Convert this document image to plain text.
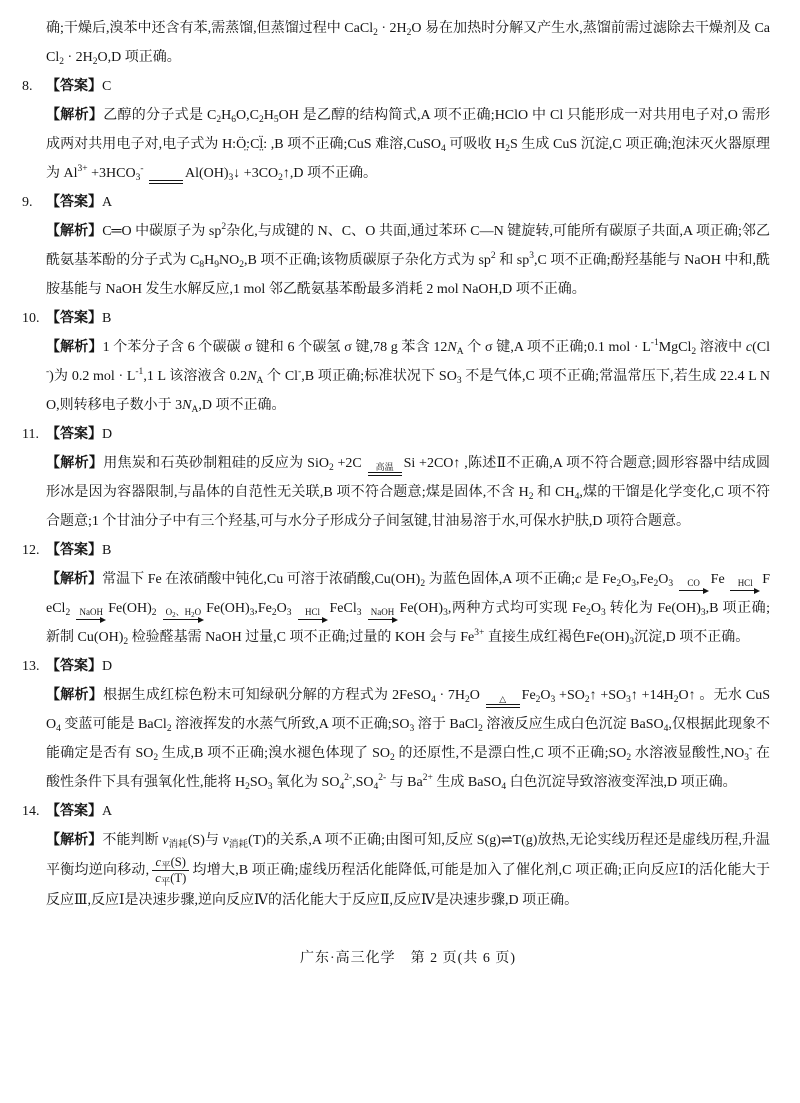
确;干燥后,溴苯中还含有苯,需蒸馏,但蒸馏过程中 CaCl$_2$ · $2H_2O$ 易在加热时分解又产生水,蒸馏前需过滤除去干燥剂及 CaCl$_2$ · $2H_2O,D$ 项正确。

8. 【答案】C

【解析】乙醇的分子式是 $C_2H_6O,C_2H_5OH$ 是乙醇的结构简式,A 项不正确;HClO 中 Cl 只能形成一对共用电子对,O 需形成两对共用电子对,电子式为 H:Ö̤:Cl̤̈: ,B 项不正确;CuS 难溶,CuSO$_4$ 可吸收 $H_2S$ 生成 CuS 沉淀,C 项正确;泡沫灭火器原理为 $Al^{3+} +3HCO_3^-$	$Al(OH)_3↓$ $+3CO_2↑,D$ 项不正确。

9. 【答案】A

【解析】C═O 中碳原子为 $sp^2$杂化,与成键的 N、C、O 共面,通过苯环 C—N 键旋转,可能所有碳原子共面,A 项正确;邻乙酰氨基苯酚的分子式为 $C_8H_9NO_2,B$ 项不正确;该物质碳原子杂化方式为 $sp^2$ 和 $sp^3,C$ 项不正确;酚羟基能与 NaOH 中和,酰胺基能与 NaOH 发生水解反应,1 mol 邻乙酰氨基苯酚最多消耗 2 mol NaOH,D 项不正确。

10. 【答案】B

【解析】1 个苯分子含 6 个碳碳 σ 键和 6 个碳氢 σ 键,78 g 苯含 $12N_A$ 个 σ 键,A 项不正确;0.1 mol · $L^{-1}MgCl_2$ 溶液中 c(Cl-)为 0.2 mol · $L^{-1},1$ L 该溶液含 $0.2N_A$ 个 Cl-,B 项正确;标准状况下 $SO_3$ 不是气体,C 项不正确;常温常压下,若生成 22.4 L NO,则转移电子数小于 $3N_A,D$ 项不正确。

11. 【答案】D

【解析】用焦炭和石英砂制粗硅的反应为 SiO$_2$ +2C	高温 Si +2CO↑ ,陈述Ⅱ不正确,A 项不符合题意;圆形容器中结成圆形冰是因为容器限制,与晶体的自范性无关联,B 项不符合题意;煤是固体,不含 $H_2$ 和 $CH_4$,煤的干馏是化学变化,C 项不符合题意;1 个甘油分子中有三个羟基,可与水分子形成分子间氢键,甘油易溶于水,可保水护肤,D 项符合题意。

12. 【答案】B

【解析】常温下 Fe 在浓硝酸中钝化,Cu 可溶于浓硝酸$,Cu(OH)_2$ 为蓝色固体,A 项不正确;c 是 $Fe_2O_3,Fe_2O_3$	CO Fe	HCl FeCl$_2$	NaOH $Fe(OH)_2$	$O_2$、$H_2O$ $Fe(OH)_3,Fe_2O_3$	HCl FeCl$_3$	NaOH $Fe(OH)_3$,两种方式均可实现 $Fe_2O_3$ 转化为 $Fe(OH)_3,B$ 项正确;新制 $Cu(OH)_2$ 检验醛基需 NaOH 过量,C 项不正确;过量的 KOH 会与 $Fe^{3+}$ 直接生成红褐色$Fe(OH)_3$沉淀,D 项不正确。

13. 【答案】D

【解析】根据生成红棕色粉末可知绿矾分解的方程式为 2FeSO$_4$ · $7H_2O$	△ $Fe_2O_3$ $+SO_2↑$ $+SO_3↑$ $+14H_2O↑$ 。无水 CuSO$_4$ 变蓝可能是 BaCl$_2$ 溶液挥发的水蒸气所致,A 项不正确$;SO_3$ 溶于 BaCl$_2$ 溶液反应生成白色沉淀 BaSO$_4$,仅根据此现象不能确定是否有 $SO_2$ 生成,B 项不正确;溴水褪色体现了 $SO_2$ 的还原性,不是漂白性,C 项不正确$;SO_2$ 水溶液显酸性$,NO_3^-$ 在酸性条件下具有强氧化性,能将 $H_2SO_3$ 氧化为 $SO_4^{2-},SO_4^{2-}$ 与 $Ba^{2+}$ 生成 BaSO$_4$ 白色沉淀导致溶液变浑浊,D 项正确。

14. 【答案】A

【解析】不能判断 $v_{消耗}(S)$与 $v_{消耗}(T)$的关系,A 项不正确;由图可知,反应 S(g)⇌T(g)放热,无论实线历程还是虚线历程,升温平衡均逆向移动,
$c_平(S)$
$c_平(T)$
均增大,B 项正确;虚线历程活化能降低,可能是加入了催化剂,C 项正确;正向反应Ⅰ的活化能大于反应Ⅲ,反应Ⅰ是决速步骤,逆向反应Ⅳ的活化能大于反应Ⅱ,反应Ⅳ是决速步骤,D 项正确。

广东·高三化学　第 2 页(共 6 页)
